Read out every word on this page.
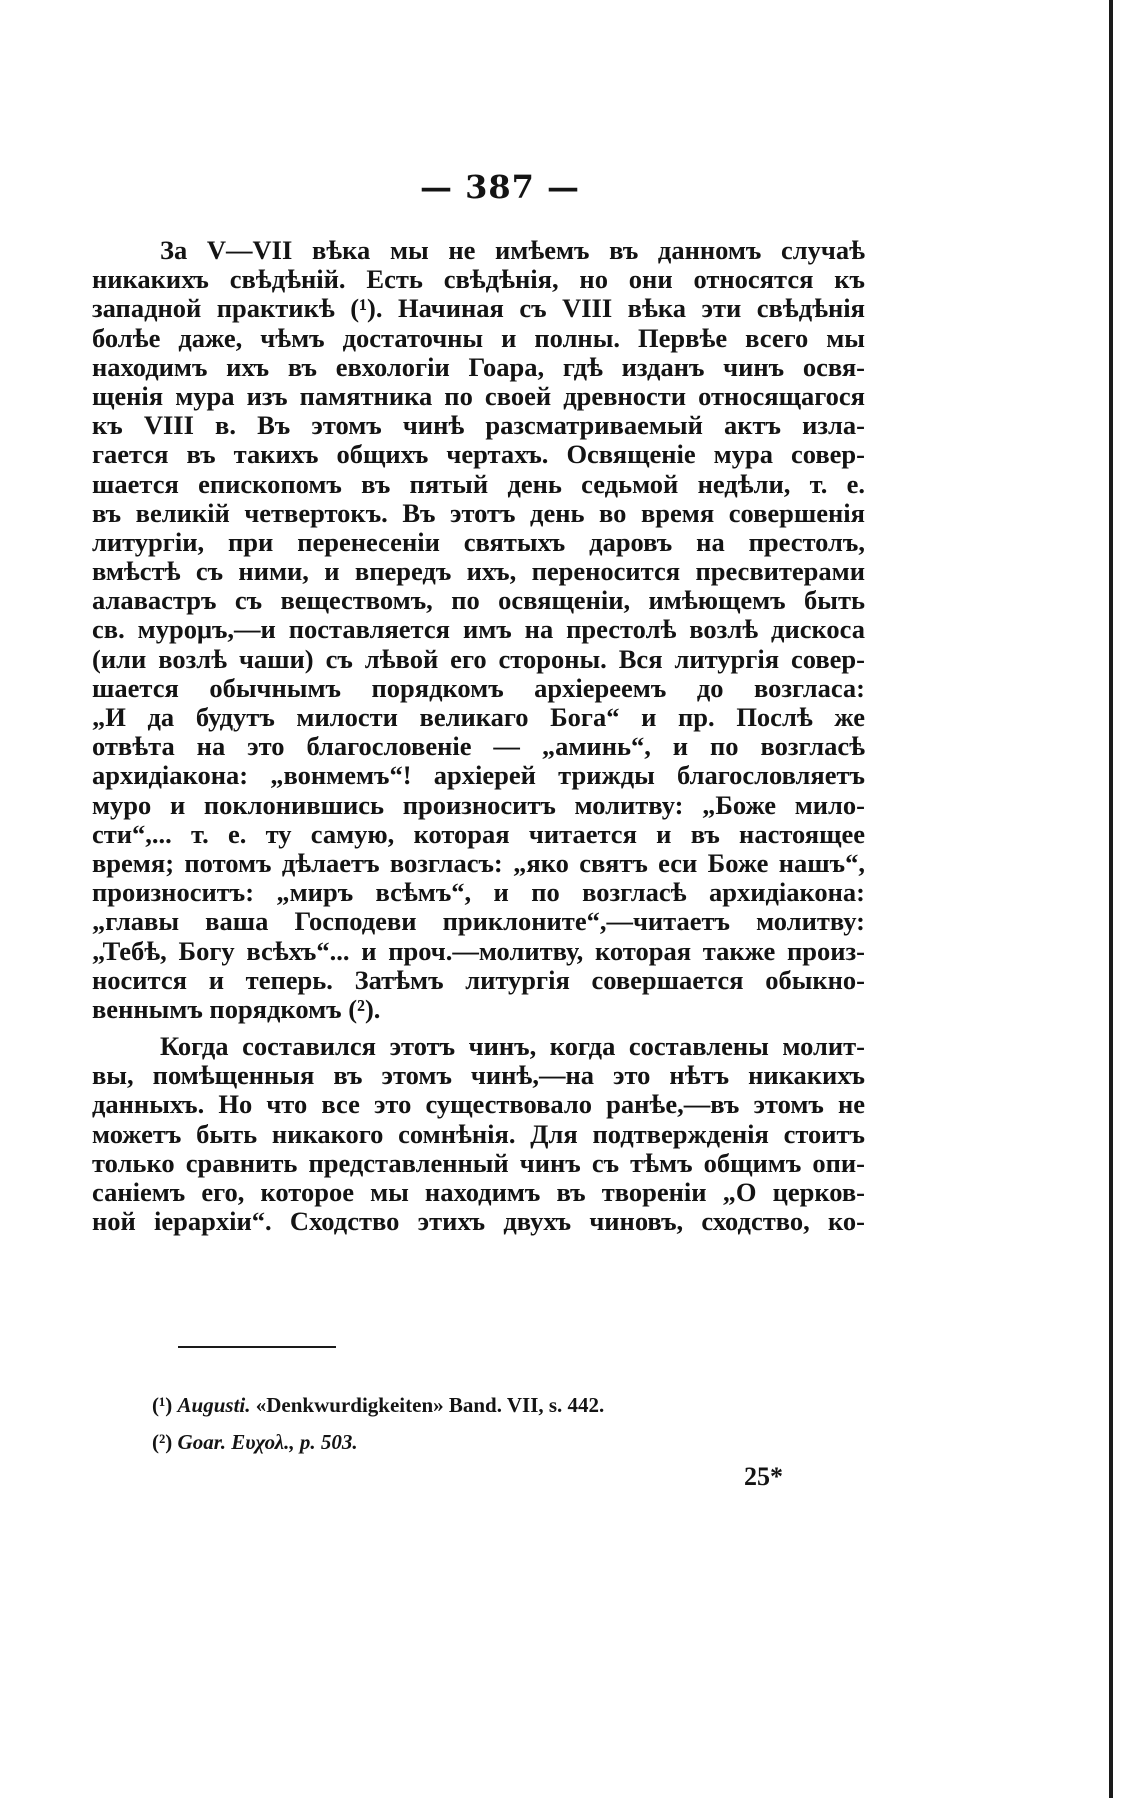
— 387 —
За V—VII вѣка мы не имѣемъ въ данномъ случаѣ
никакихъ свѣдѣній. Есть свѣдѣнія, но они относятся къ
западной практикѣ (¹). Начиная съ VIII вѣка эти свѣдѣнія
болѣе даже, чѣмъ достаточны и полны. Первѣе всего мы
находимъ ихъ въ евхологіи Гоара, гдѣ изданъ чинъ освя-
щенія мура изъ памятника по своей древности относящагося
къ VIII в. Въ этомъ чинѣ разсматриваемый актъ изла-
гается въ такихъ общихъ чертахъ. Освященіе мура совер-
шается епископомъ въ пятый день седьмой недѣли, т. е.
въ великій четвертокъ. Въ этотъ день во время совершенія
литургіи, при перенесеніи святыхъ даровъ на престолъ,
вмѣстѣ съ ними, и впередъ ихъ, переносится пресвитерами
алавастръ съ веществомъ, по освященіи, имѣющемъ быть
св. мурομъ,—и поставляется имъ на престолѣ возлѣ дискоса
(или возлѣ чаши) съ лѣвой его стороны. Вся литургія совер-
шается обычнымъ порядкомъ архіереемъ до возгласа:
„И да будутъ милости великаго Бога“ и пр. Послѣ же
отвѣта на это благословеніе — „аминь“, и по возгласѣ
архидіакона: „вонмемъ“! архіерей трижды благословляетъ
муро и поклонившись произноситъ молитву: „Боже мило-
сти“,... т. е. ту самую, которая читается и въ настоящее
время; потомъ дѣлаетъ возгласъ: „яко святъ еси Боже нашъ“,
произноситъ: „миръ всѣмъ“, и по возгласѣ архидіакона:
„главы ваша Господеви приклоните“,—читаетъ молитву:
„Тебѣ, Богу всѣхъ“... и проч.—молитву, которая также произ-
носится и теперь. Затѣмъ литургія совершается обыкно-
веннымъ порядкомъ (²).
Когда составился этотъ чинъ, когда составлены молит-
вы, помѣщенныя въ этомъ чинѣ,—на это нѣтъ никакихъ
данныхъ. Но что все это существовало ранѣе,—въ этомъ не
можетъ быть никакого сомнѣнія. Для подтвержденія стоитъ
только сравнить представленный чинъ съ тѣмъ общимъ опи-
саніемъ его, которое мы находимъ въ твореніи „О церков-
ной іерархіи“. Сходство этихъ двухъ чиновъ, сходство, ко-
(¹) Augusti. «Denkwurdigkeiten» Band. VII, s. 442.
(²) Goar. Ευχολ., p. 503.
25*
